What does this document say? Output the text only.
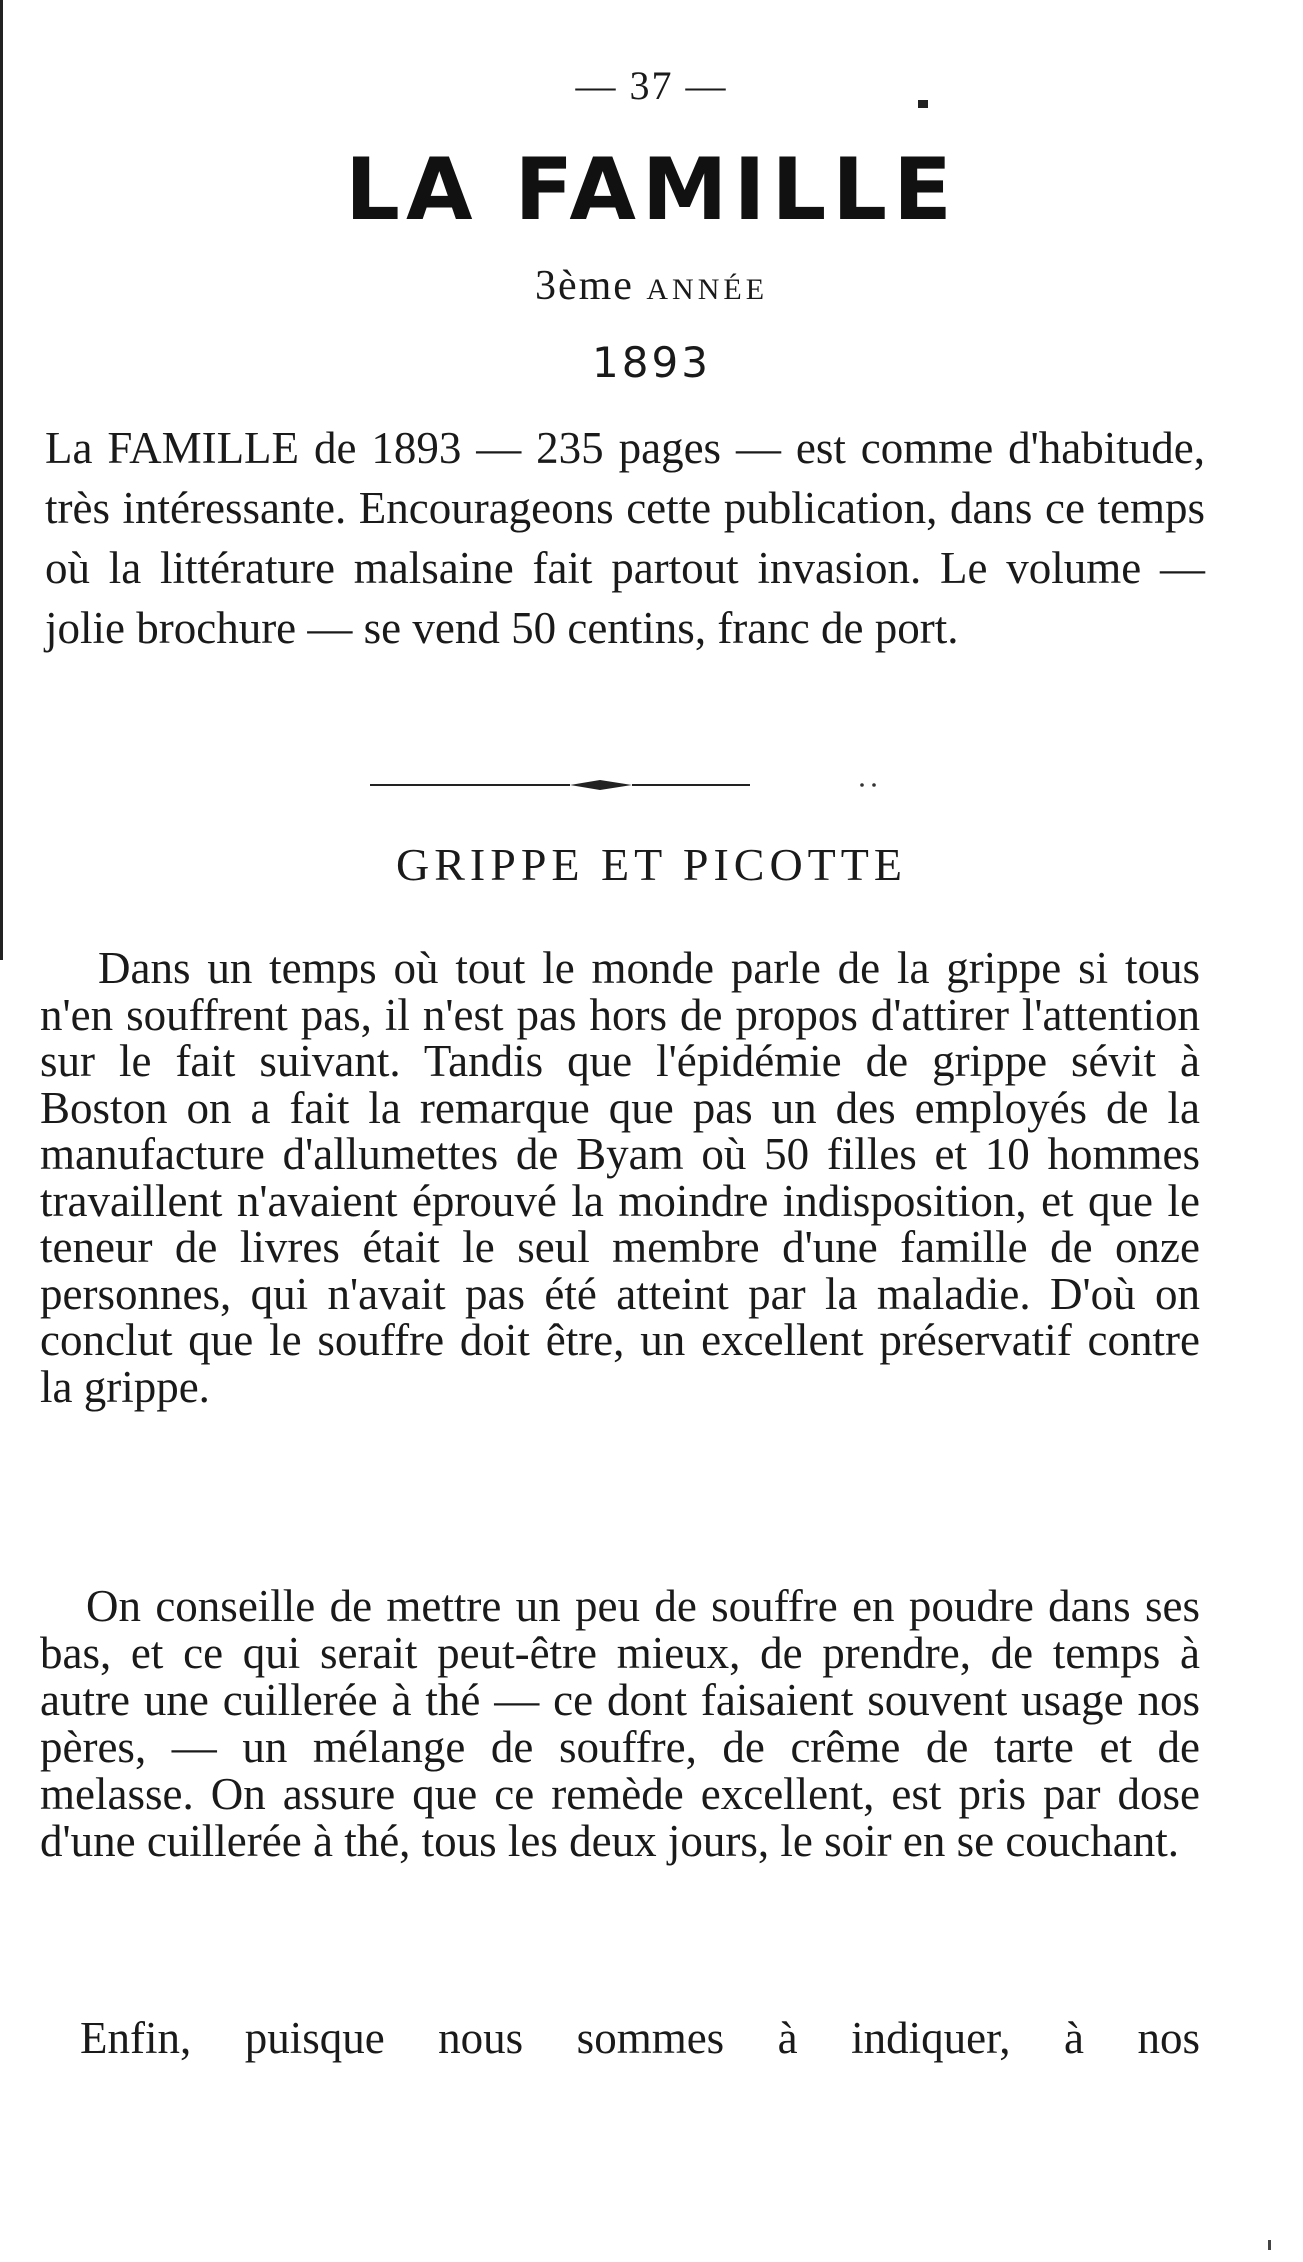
— 37 —
LA FAMILLE
3ème ANNÉE
1893

La FAMILLE de 1893 — 235 pages — est comme d'habitude, très intéressante. Encourageons cette publication, dans ce temps où la littérature malsaine fait partout invasion. Le volume — jolie brochure — se vend 50 centins, franc de port.

GRIPPE ET PICOTTE

Dans un temps où tout le monde parle de la grippe si tous n'en souffrent pas, il n'est pas hors de propos d'attirer l'attention sur le fait suivant. Tandis que l'épidémie de grippe sévit à Boston on a fait la remarque que pas un des employés de la manufacture d'allumettes de Byam où 50 filles et 10 hommes travaillent n'avaient éprouvé la moindre indisposition, et que le teneur de livres était le seul membre d'une famille de onze personnes, qui n'avait pas été atteint par la maladie. D'où on conclut que le souffre doit être, un excellent préservatif contre la grippe.

On conseille de mettre un peu de souffre en poudre dans ses bas, et ce qui serait peut-être mieux, de prendre, de temps à autre une cuillerée à thé — ce dont faisaient souvent usage nos pères, — un mélange de souffre, de crême de tarte et de melasse. On assure que ce remède excellent, est pris par dose d'une cuillerée à thé, tous les deux jours, le soir en se couchant.

Enfin, puisque nous sommes à indiquer, à nos
